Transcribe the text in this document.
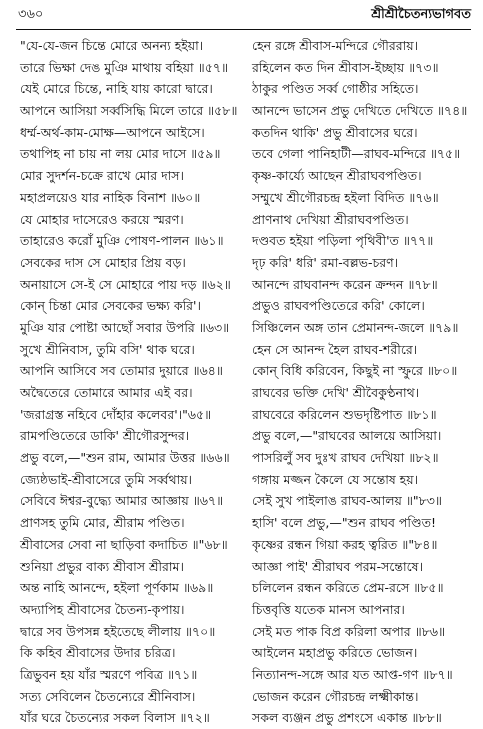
৩৬০	শ্রীশ্রীচৈতন্যভাগবত
"যে-যে-জন চিন্তে মোরে অনন্য হইয়া।
তারে ভিক্ষা দেঙ মুঞি মাথায় বহিয়া ॥৫৭॥
যেই মোরে চিন্তে, নাহি যায় কারো দ্বারে।
আপনে আসিয়া সর্ব্বসিদ্ধি মিলে তারে ॥৫৮॥
ধর্ম্ম-অর্থ-কাম-মোক্ষ—আপনে আইসে।
তথাপিহ না চায় না লয় মোর দাসে ॥৫৯॥
মোর সুদর্শন-চক্রে রাখে মোর দাস।
মহাপ্রলয়েও যার নাহিক বিনাশ ॥৬০॥
যে মোহার দাসেরেও করয়ে স্মরণ।
তাহারেও করোঁ মুঞি পোষণ-পালন ॥৬১॥
সেবকের দাস সে মোহার প্রিয় বড়।
অনায়াসে সে-ই সে মোহারে পায় দড় ॥৬২॥
কোন্ চিন্তা মোর সেবকের ভক্ষ্য করি'।
মুঞি যার পোষ্টা আছোঁ সবার উপরি ॥৬৩॥
সুখে শ্রীনিবাস, তুমি বসি' থাক ঘরে।
আপনি আসিবে সব তোমার দুয়ারে ॥৬৪॥
অদ্বৈতেরে তোমারে আমার এই বর।
'জরাগ্রস্ত নহিবে দোঁহার কলেবর'।"৬৫॥
রামপণ্ডিতেরে ডাকি' শ্রীগৌরসুন্দর।
প্রভু বলে,—"শুন রাম, আমার উত্তর ॥৬৬॥
জ্যেষ্ঠভাই-শ্রীবাসেরে তুমি সর্ব্বথায়।
সেবিবে ঈশ্বর-বুদ্ধ্যে আমার আজ্ঞায় ॥৬৭॥
প্রাণসহ তুমি মোর, শ্রীরাম পণ্ডিত।
শ্রীবাসের সেবা না ছাড়িবা কদাচিত ॥"৬৮॥
শুনিয়া প্রভুর বাক্য শ্রীবাস শ্রীরাম।
অন্ত নাহি আনন্দে, হইলা পূর্ণকাম ॥৬৯॥
অদ্যাপিহ শ্রীবাসের চৈতন্য-কৃপায়।
দ্বারে সব উপসন্ন হইতেছে লীলায় ॥৭০॥
কি কহিব শ্রীবাসের উদার চরিত্র।
ত্রিভুবন হয় যাঁর স্মরণে পবিত্র ॥৭১॥
সত্য সেবিলেন চৈতন্যেরে শ্রীনিবাস।
যাঁর ঘরে চৈতন্যের সকল বিলাস ॥৭২॥
হেন রঙ্গে শ্রীবাস-মন্দিরে গৌররায়।
রহিলেন কত দিন শ্রীবাস-ইচ্ছায় ॥৭৩॥
ঠাকুর পণ্ডিত সর্ব্ব গোষ্ঠীর সহিতে।
আনন্দে ভাসেন প্রভু দেখিতে দেখিতে ॥৭৪॥
কতদিন থাকি' প্রভু শ্রীবাসের ঘরে।
তবে গেলা পানিহাটী—রাঘব-মন্দিরে ॥৭৫॥
কৃষ্ণ-কার্য্যে আছেন শ্রীরাঘবপণ্ডিত।
সম্মুখে শ্রীগৌরচন্দ্র হইলা বিদিত ॥৭৬॥
প্রাণনাথ দেখিয়া শ্রীরাঘবপণ্ডিত।
দণ্ডবত হইয়া পড়িলা পৃথিবী'ত ॥৭৭॥
দৃঢ় করি' ধরি' রমা-বল্লভ-চরণ।
আনন্দে রাঘবানন্দ করেন ক্রন্দন ॥৭৮॥
প্রভুও রাঘবপণ্ডিতেরে করি' কোলে।
সিঞ্চিলেন অঙ্গ তান প্রেমানন্দ-জলে ॥৭৯॥
হেন সে আনন্দ হৈল রাঘব-শরীরে।
কোন্ বিধি করিবেন, কিছুই না স্ফুরে ॥৮০॥
রাঘবের ভক্তি দেখি' শ্রীবৈকুণ্ঠনাথ।
রাঘবেরে করিলেন শুভদৃষ্টিপাত ॥৮১॥
প্রভু বলে,—"রাঘবের আলয়ে আসিয়া।
পাসরিলুঁ সব দুঃখ রাঘব দেখিয়া ॥৮২॥
গঙ্গায় মজ্জন কৈলে যে সন্তোষ হয়।
সেই সুখ পাইলাঙ রাঘব-আলয় ॥"৮৩॥
হাসি' বলে প্রভু,—"শুন রাঘব পণ্ডিত!
কৃষ্ণের রন্ধন গিয়া করহ ত্বরিত ॥"৮৪॥
আজ্ঞা পাই' শ্রীরাঘব পরম-সন্তোষে।
চলিলেন রন্ধন করিতে প্রেম-রসে ॥৮৫॥
চিত্তবৃত্তি যতেক মানস আপনার।
সেই মত পাক বিপ্র করিলা অপার ॥৮৬॥
আইলেন মহাপ্রভু করিতে ভোজন।
নিত্যানন্দ-সঙ্গে আর যত আপ্ত-গণ ॥৮৭॥
ভোজন করেন গৌরচন্দ্র লক্ষ্মীকান্ত।
সকল ব্যঞ্জন প্রভু প্রশংসে একান্ত ॥৮৮॥
